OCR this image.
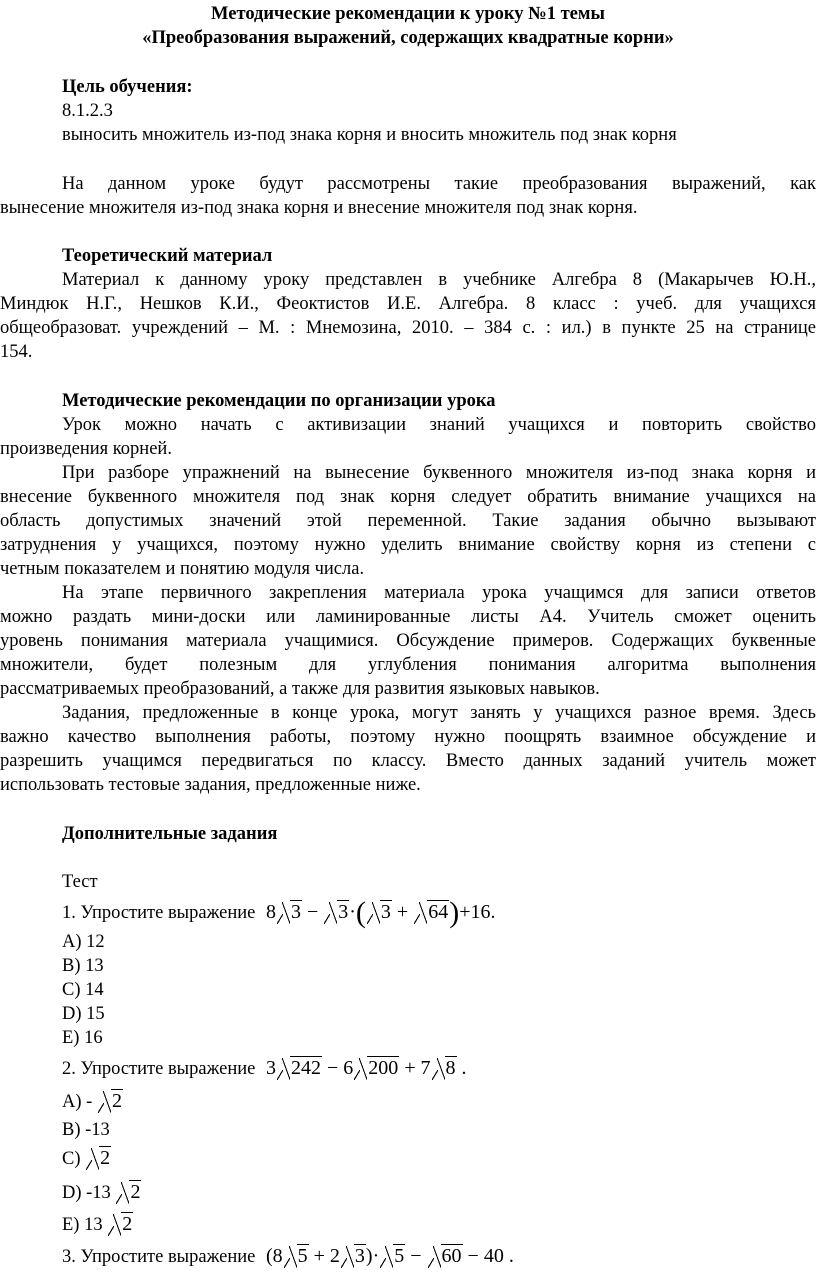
Методические рекомендации к уроку №1 темы
«Преобразования выражений, содержащих квадратные корни»
Цель обучения:
8.1.2.3
выносить множитель из-под знака корня и вносить множитель под знак корня
На данном уроке будут рассмотрены такие преобразования выражений, как
вынесение множителя из-под знака корня и внесение множителя под знак корня.
Теоретический материал
Материал к данному уроку представлен в учебнике Алгебра 8 (Макарычев Ю.Н.,
Миндюк Н.Г., Нешков К.И., Феоктистов И.Е. Алгебра. 8 класс : учеб. для учащихся
общеобразоват. учреждений – М. : Мнемозина, 2010. – 384 с. : ил.) в пункте 25 на странице
154.
Методические рекомендации по организации урока
Урок можно начать с активизации знаний учащихся и повторить свойство
произведения корней.
При разборе упражнений на вынесение буквенного множителя из-под знака корня и
внесение буквенного множителя под знак корня следует обратить внимание учащихся на
область допустимых значений этой переменной. Такие задания обычно вызывают
затруднения у учащихся, поэтому нужно уделить внимание свойству корня из степени с
четным показателем и понятию модуля числа.
На этапе первичного закрепления материала урока учащимся для записи ответов
можно раздать мини-доски или ламинированные листы А4. Учитель сможет оценить
уровень понимания материала учащимися. Обсуждение примеров. Содержащих буквенные
множители, будет полезным для углубления понимания алгоритма выполнения
рассматриваемых преобразований, а также для развития языковых навыков.
Задания, предложенные в конце урока, могут занять у учащихся разное время. Здесь
важно качество выполнения работы, поэтому нужно поощрять взаимное обсуждение и
разрешить учащимся передвигаться по классу. Вместо данных заданий учитель может
использовать тестовые задания, предложенные ниже.
Дополнительные задания
Тест
1. Упростите выражение 8 3 − 3·( 3 + 64)+16.
A) 12
B) 13
C) 14
D) 15
E) 16
2. Упростите выражение 3 242 − 6 200 + 7 8 .
A) - 2
B) -13
C) 2
D) -13 2
E) 13 2
3. Упростите выражение (8 5 + 2 3)· 5 − 60 − 40 .
